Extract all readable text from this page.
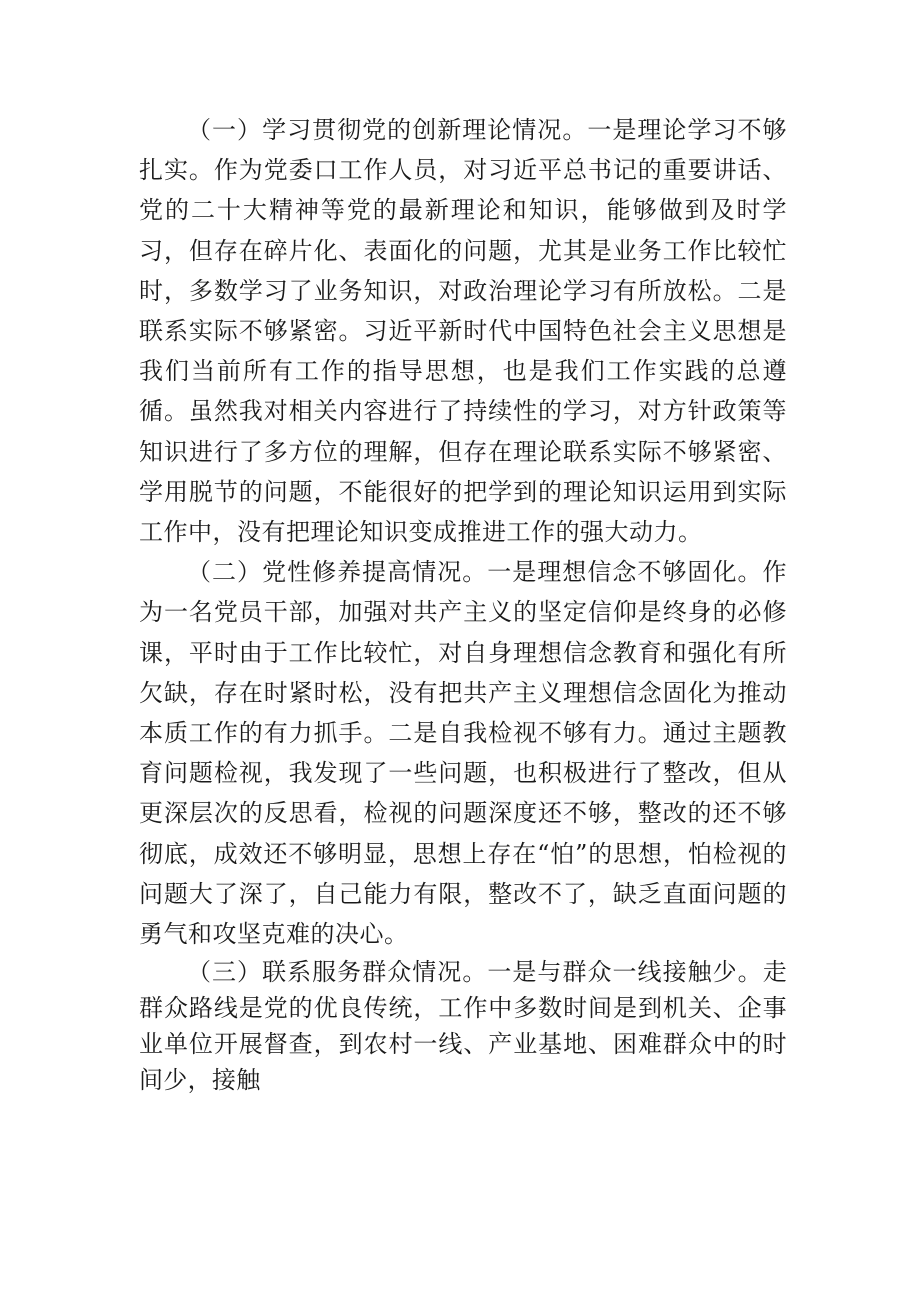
（一）学习贯彻党的创新理论情况。一是理论学习不够扎实。作为党委口工作人员，对习近平总书记的重要讲话、党的二十大精神等党的最新理论和知识，能够做到及时学习，但存在碎片化、表面化的问题，尤其是业务工作比较忙时，多数学习了业务知识，对政治理论学习有所放松。二是联系实际不够紧密。习近平新时代中国特色社会主义思想是我们当前所有工作的指导思想，也是我们工作实践的总遵循。虽然我对相关内容进行了持续性的学习，对方针政策等知识进行了多方位的理解，但存在理论联系实际不够紧密、学用脱节的问题，不能很好的把学到的理论知识运用到实际工作中，没有把理论知识变成推进工作的强大动力。

（二）党性修养提高情况。一是理想信念不够固化。作为一名党员干部，加强对共产主义的坚定信仰是终身的必修课，平时由于工作比较忙，对自身理想信念教育和强化有所欠缺，存在时紧时松，没有把共产主义理想信念固化为推动本质工作的有力抓手。二是自我检视不够有力。通过主题教育问题检视，我发现了一些问题，也积极进行了整改，但从更深层次的反思看，检视的问题深度还不够，整改的还不够彻底，成效还不够明显，思想上存在“怕”的思想，怕检视的问题大了深了，自己能力有限，整改不了，缺乏直面问题的勇气和攻坚克难的决心。

（三）联系服务群众情况。一是与群众一线接触少。走群众路线是党的优良传统，工作中多数时间是到机关、企事业单位开展督查，到农村一线、产业基地、困难群众中的时间少，接触
